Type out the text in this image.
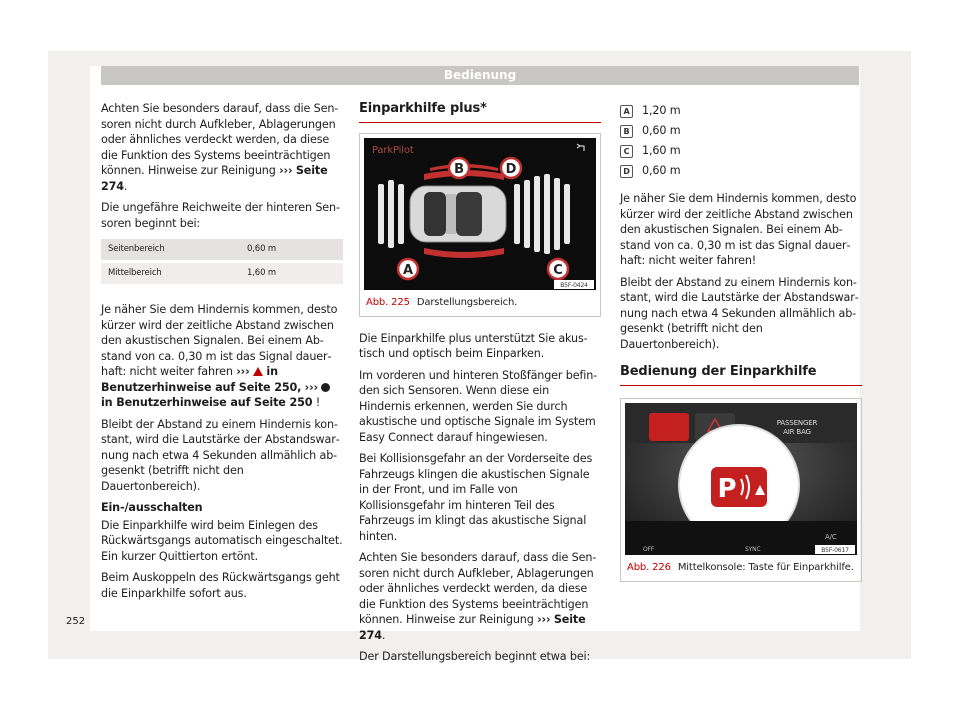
Bedienung

Achten Sie besonders darauf, dass die Sensoren nicht durch Aufkleber, Ablagerungen oder ähnliches verdeckt werden, da diese die Funktion des Systems beeinträchtigen können. Hinweise zur Reinigung ››› Seite 274.

Die ungefähre Reichweite der hinteren Sensoren beginnt bei:

Seitenbereich	0,60 m

Mittelbereich	1,60 m

Je näher Sie dem Hindernis kommen, desto kürzer wird der zeitliche Abstand zwischen den akustischen Signalen. Bei einem Abstand von ca. 0,30 m ist das Signal dauerhaft: nicht weiter fahren ››› in Benutzerhinweise auf Seite 250, ›››  in Benutzerhinweise auf Seite 250 !

Bleibt der Abstand zu einem Hindernis konstant, wird die Lautstärke der Abstandswarnung nach etwa 4 Sekunden allmählich abgesenkt (betrifft nicht den Dauertonbereich).

Ein-/ausschalten

Die Einparkhilfe wird beim Einlegen des Rückwärtsgangs automatisch eingeschaltet. Ein kurzer Quittierton ertönt.

Beim Auskoppeln des Rückwärtsgangs geht die Einparkhilfe sofort aus.

Einparkhilfe plus*
ParkPilot
B	D
A	C
B5F-0424
Abb. 225 Darstellungsbereich.

Die Einparkhilfe plus unterstützt Sie akustisch und optisch beim Einparken.

Im vorderen und hinteren Stoßfänger befinden sich Sensoren. Wenn diese ein Hindernis erkennen, werden Sie durch akustische und optische Signale im System Easy Connect darauf hingewiesen.

Bei Kollisionsgefahr an der Vorderseite des Fahrzeugs klingen die akustischen Signale in der Front, und im Falle von Kollisionsgefahr im hinteren Teil des Fahrzeugs im klingt das akustische Signal hinten.

Achten Sie besonders darauf, dass die Sensoren nicht durch Aufkleber, Ablagerungen oder ähnliches verdeckt werden, da diese die Funktion des Systems beeinträchtigen können. Hinweise zur Reinigung ››› Seite 274.

Der Darstellungsbereich beginnt etwa bei:

A	1,20 m
B	0,60 m
C	1,60 m
D 0,60 m

Je näher Sie dem Hindernis kommen, desto kürzer wird der zeitliche Abstand zwischen den akustischen Signalen. Bei einem Abstand von ca. 0,30 m ist das Signal dauerhaft: nicht weiter fahren!

Bleibt der Abstand zu einem Hindernis konstant, wird die Lautstärke der Abstandswarnung nach etwa 4 Sekunden allmählich abgesenkt (betrifft nicht den Dauertonbereich).

Bedienung der Einparkhilfe
PASSENGER
AIR BAG
P
OFF	SYNC
A/C
B5F-0617
Abb. 226 Mittelkonsole: Taste für Einparkhilfe.
252
